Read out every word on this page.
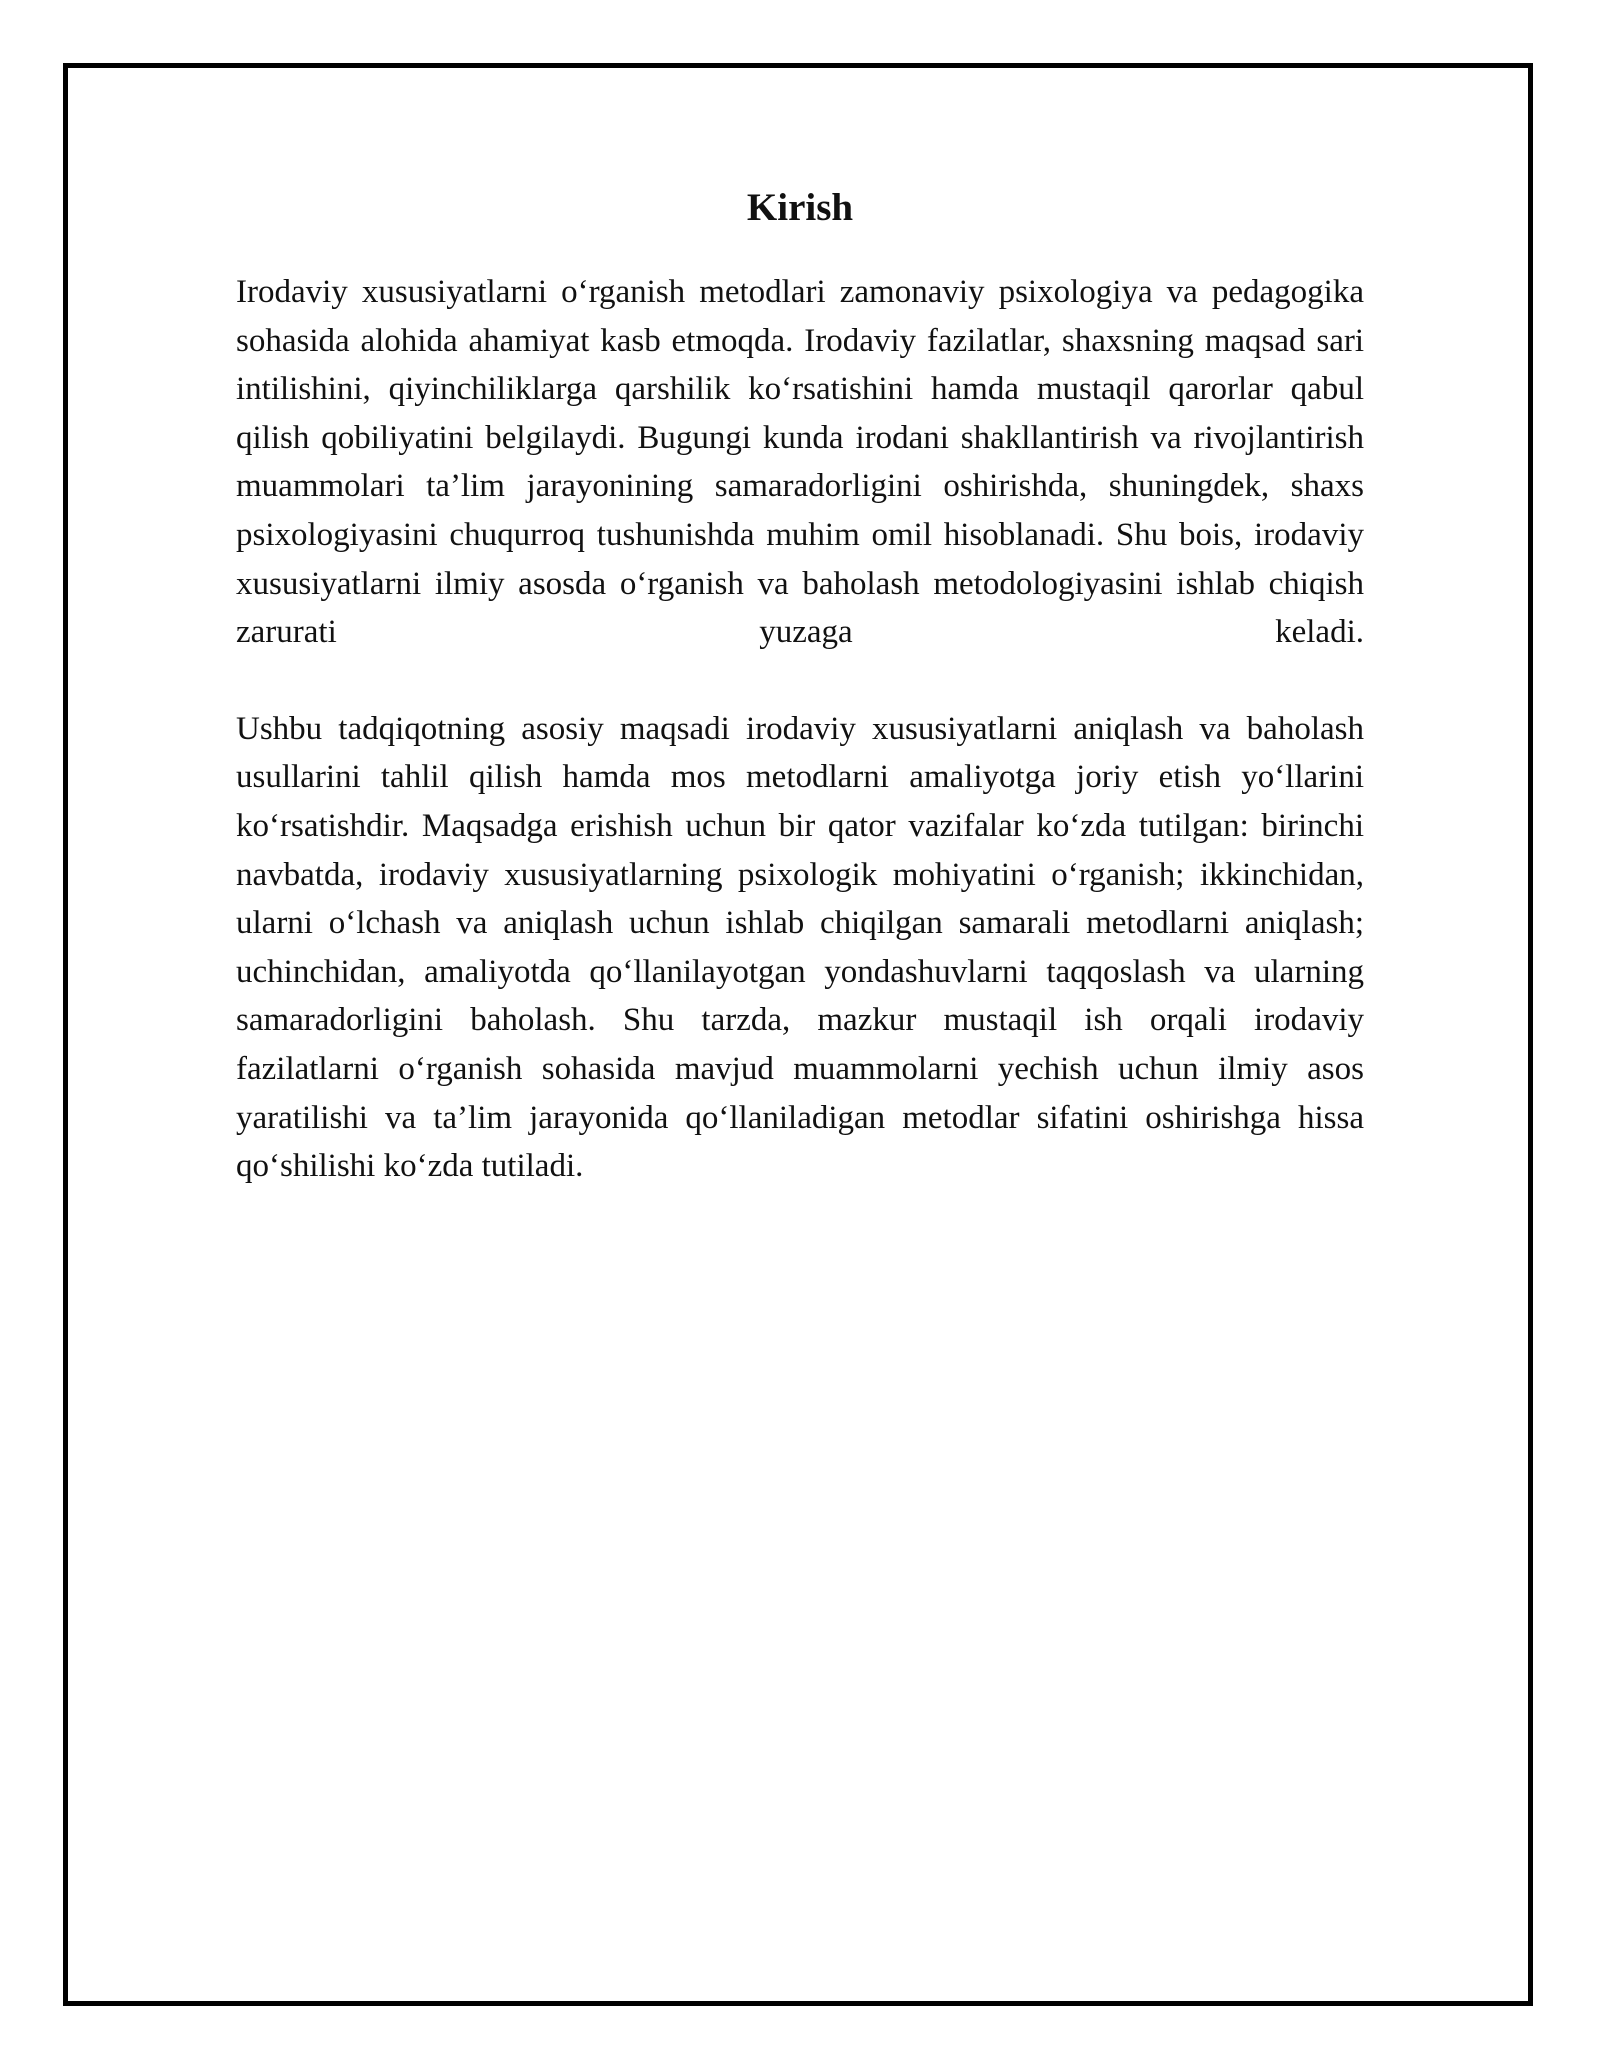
Kirish

Irodaviy xususiyatlarni o‘rganish metodlari zamonaviy psixologiya va pedagogika sohasida alohida ahamiyat kasb etmoqda. Irodaviy fazilatlar, shaxsning maqsad sari intilishini, qiyinchiliklarga qarshilik ko‘rsatishini hamda mustaqil qarorlar qabul qilish qobiliyatini belgilaydi. Bugungi kunda irodani shakllantirish va rivojlantirish muammolari ta’lim jarayonining samaradorligini oshirishda, shuningdek, shaxs psixologiyasini chuqurroq tushunishda muhim omil hisoblanadi. Shu bois, irodaviy xususiyatlarni ilmiy asosda o‘rganish va baholash metodologiyasini ishlab chiqish zarurati yuzaga keladi.

Ushbu tadqiqotning asosiy maqsadi irodaviy xususiyatlarni aniqlash va baholash usullarini tahlil qilish hamda mos metodlarni amaliyotga joriy etish yo‘llarini ko‘rsatishdir. Maqsadga erishish uchun bir qator vazifalar ko‘zda tutilgan: birinchi navbatda, irodaviy xususiyatlarning psixologik mohiyatini o‘rganish; ikkinchidan, ularni o‘lchash va aniqlash uchun ishlab chiqilgan samarali metodlarni aniqlash; uchinchidan, amaliyotda qo‘llanilayotgan yondashuvlarni taqqoslash va ularning samaradorligini baholash. Shu tarzda, mazkur mustaqil ish orqali irodaviy fazilatlarni o‘rganish sohasida mavjud muammolarni yechish uchun ilmiy asos yaratilishi va ta’lim jarayonida qo‘llaniladigan metodlar sifatini oshirishga hissa qo‘shilishi ko‘zda tutiladi.
